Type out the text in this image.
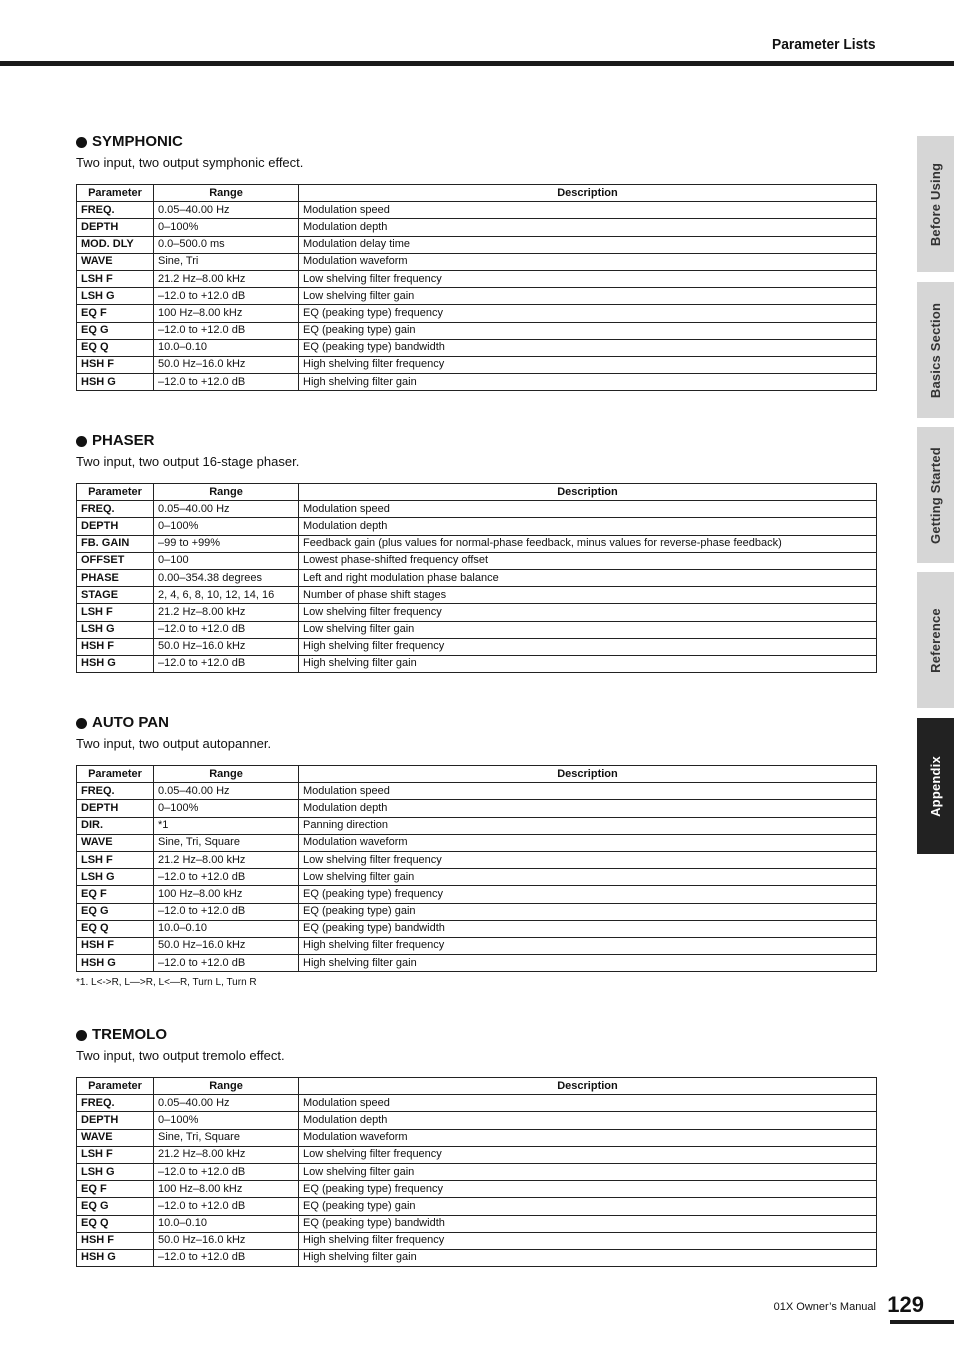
Parameter Lists
Before Using
Basics Section
Getting Started
Reference
Appendix
SYMPHONIC
Two input, two output symphonic effect.
Parameter	Range	Description
FREQ.	0.05–40.00 Hz	Modulation speed
DEPTH	0–100%	Modulation depth
MOD. DLY	0.0–500.0 ms	Modulation delay time
WAVE	Sine, Tri	Modulation waveform
LSH F	21.2 Hz–8.00 kHz	Low shelving filter frequency
LSH G	–12.0 to +12.0 dB	Low shelving filter gain
EQ F	100 Hz–8.00 kHz	EQ (peaking type) frequency
EQ G	–12.0 to +12.0 dB	EQ (peaking type) gain
EQ Q	10.0–0.10	EQ (peaking type) bandwidth
HSH F	50.0 Hz–16.0 kHz	High shelving filter frequency
HSH G	–12.0 to +12.0 dB	High shelving filter gain
PHASER
Two input, two output 16-stage phaser.
Parameter	Range	Description
FREQ.	0.05–40.00 Hz	Modulation speed
DEPTH	0–100%	Modulation depth
FB. GAIN	–99 to +99%	Feedback gain (plus values for normal-phase feedback, minus values for reverse-phase feedback)
OFFSET	0–100	Lowest phase-shifted frequency offset
PHASE	0.00–354.38 degrees	Left and right modulation phase balance
STAGE	2, 4, 6, 8, 10, 12, 14, 16	Number of phase shift stages
LSH F	21.2 Hz–8.00 kHz	Low shelving filter frequency
LSH G	–12.0 to +12.0 dB	Low shelving filter gain
HSH F	50.0 Hz–16.0 kHz	High shelving filter frequency
HSH G	–12.0 to +12.0 dB	High shelving filter gain
AUTO PAN
Two input, two output autopanner.
Parameter	Range	Description
FREQ.	0.05–40.00 Hz	Modulation speed
DEPTH	0–100%	Modulation depth
DIR.	*1	Panning direction
WAVE	Sine, Tri, Square	Modulation waveform
LSH F	21.2 Hz–8.00 kHz	Low shelving filter frequency
LSH G	–12.0 to +12.0 dB	Low shelving filter gain
EQ F	100 Hz–8.00 kHz	EQ (peaking type) frequency
EQ G	–12.0 to +12.0 dB	EQ (peaking type) gain
EQ Q	10.0–0.10	EQ (peaking type) bandwidth
HSH F	50.0 Hz–16.0 kHz	High shelving filter frequency
HSH G	–12.0 to +12.0 dB	High shelving filter gain
*1. L<->R, L—>R, L<—R, Turn L, Turn R
TREMOLO
Two input, two output tremolo effect.
Parameter	Range	Description
FREQ.	0.05–40.00 Hz	Modulation speed
DEPTH	0–100%	Modulation depth
WAVE	Sine, Tri, Square	Modulation waveform
LSH F	21.2 Hz–8.00 kHz	Low shelving filter frequency
LSH G	–12.0 to +12.0 dB	Low shelving filter gain
EQ F	100 Hz–8.00 kHz	EQ (peaking type) frequency
EQ G	–12.0 to +12.0 dB	EQ (peaking type) gain
EQ Q	10.0–0.10	EQ (peaking type) bandwidth
HSH F	50.0 Hz–16.0 kHz	High shelving filter frequency
HSH G	–12.0 to +12.0 dB	High shelving filter gain
01X Owner’s Manual 129
